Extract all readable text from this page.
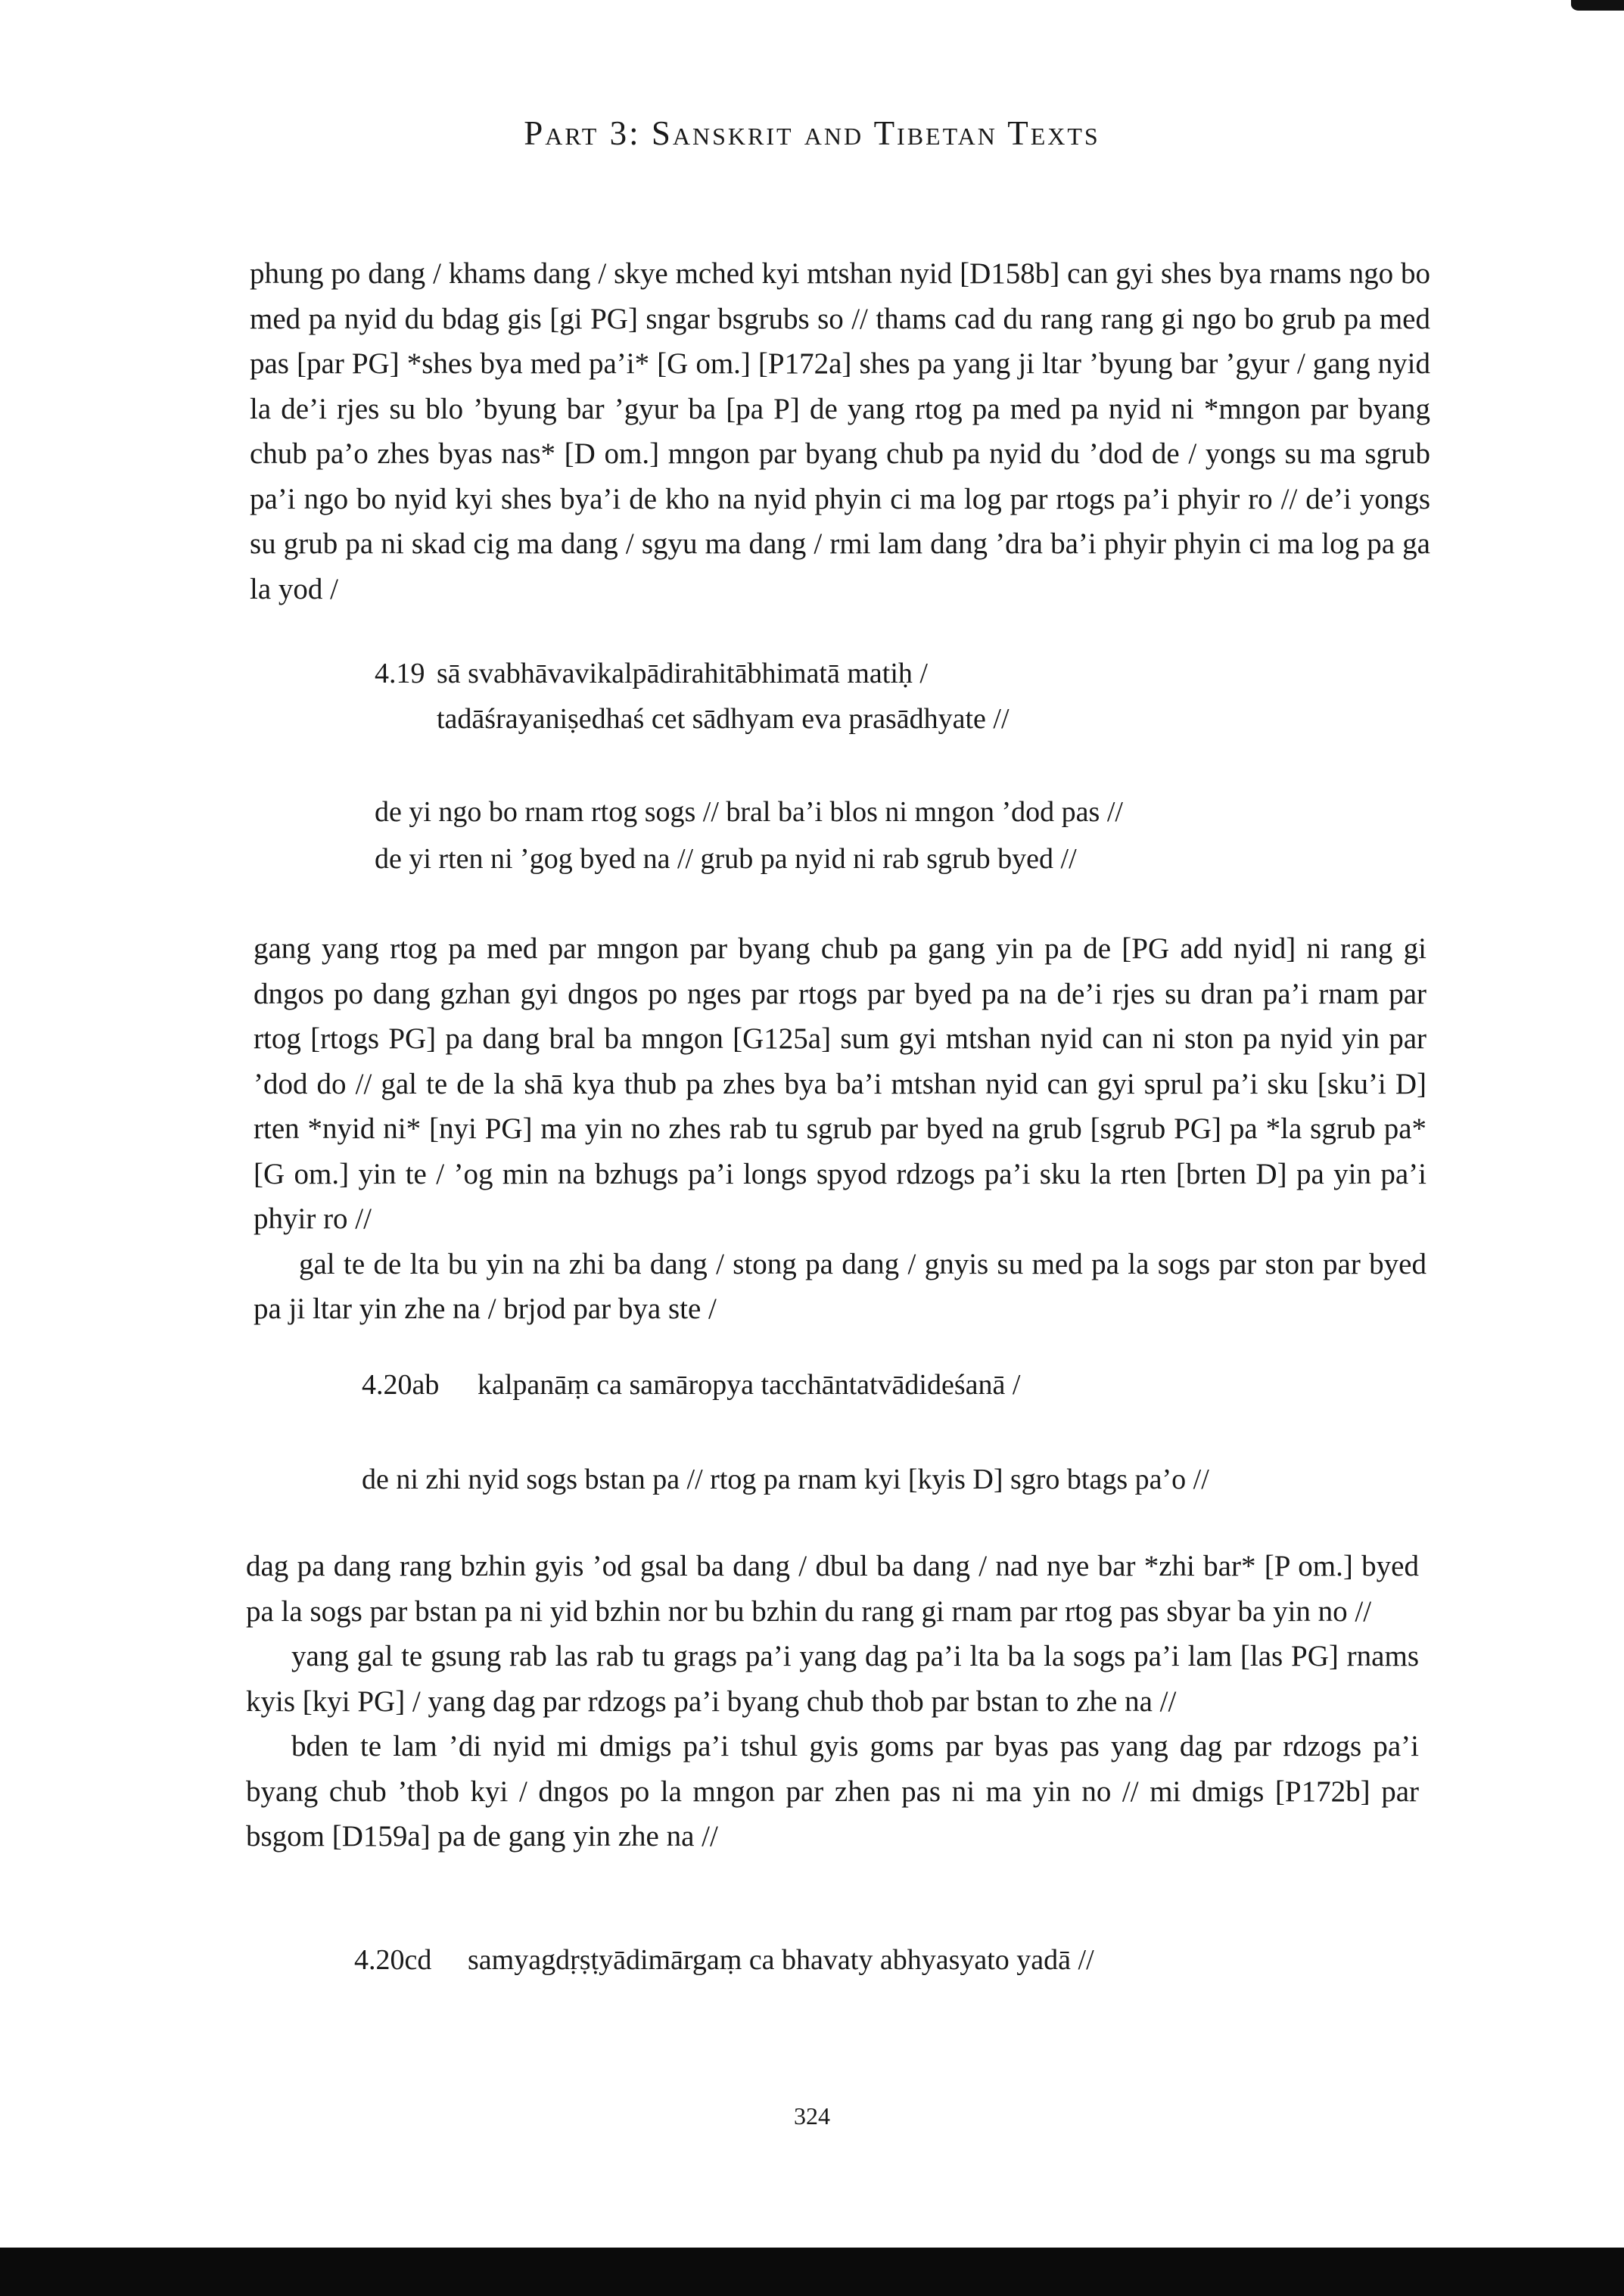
Part 3: Sanskrit and Tibetan Texts

phung po dang / khams dang / skye mched kyi mtshan nyid [D158b] can gyi shes bya rnams ngo bo med pa nyid du bdag gis [gi PG] sngar bsgrubs so // thams cad du rang rang gi ngo bo grub pa med pas [par PG] *shes bya med pa’i* [G om.] [P172a] shes pa yang ji ltar ’byung bar ’gyur / gang nyid la de’i rjes su blo ’byung bar ’gyur ba [pa P] de yang rtog pa med pa nyid ni *mngon par byang chub pa’o zhes byas nas* [D om.] mngon par byang chub pa nyid du ’dod de / yongs su ma sgrub pa’i ngo bo nyid kyi shes bya’i de kho na nyid phyin ci ma log par rtogs pa’i phyir ro // de’i yongs su grub pa ni skad cig ma dang / sgyu ma dang / rmi lam dang ’dra ba’i phyir phyin ci ma log pa ga la yod /

4.19 sā svabhāvavikalpādirahitābhimatā matiḥ /
tadāśrayaniṣedhaś cet sādhyam eva prasādhyate //
de yi ngo bo rnam rtog sogs // bral ba’i blos ni mngon ’dod pas //
de yi rten ni ’gog byed na // grub pa nyid ni rab sgrub byed //

gang yang rtog pa med par mngon par byang chub pa gang yin pa de [PG add nyid] ni rang gi dngos po dang gzhan gyi dngos po nges par rtogs par byed pa na de’i rjes su dran pa’i rnam par rtog [rtogs PG] pa dang bral ba mngon [G125a] sum gyi mtshan nyid can ni ston pa nyid yin par ’dod do // gal te de la shā kya thub pa zhes bya ba’i mtshan nyid can gyi sprul pa’i sku [sku’i D] rten *nyid ni* [nyi PG] ma yin no zhes rab tu sgrub par byed na grub [sgrub PG] pa *la sgrub pa* [G om.] yin te / ’og min na bzhugs pa’i longs spyod rdzogs pa’i sku la rten [brten D] pa yin pa’i phyir ro //

gal te de lta bu yin na zhi ba dang / stong pa dang / gnyis su med pa la sogs par ston par byed pa ji ltar yin zhe na / brjod par bya ste /

4.20ab kalpanāṃ ca samāropya tacchāntatvādideśanā /
de ni zhi nyid sogs bstan pa // rtog pa rnam kyi [kyis D] sgro btags pa’o //

dag pa dang rang bzhin gyis ’od gsal ba dang / dbul ba dang / nad nye bar *zhi bar* [P om.] byed pa la sogs par bstan pa ni yid bzhin nor bu bzhin du rang gi rnam par rtog pas sbyar ba yin no //

yang gal te gsung rab las rab tu grags pa’i yang dag pa’i lta ba la sogs pa’i lam [las PG] rnams kyis [kyi PG] / yang dag par rdzogs pa’i byang chub thob par bstan to zhe na //

bden te lam ’di nyid mi dmigs pa’i tshul gyis goms par byas pas yang dag par rdzogs pa’i byang chub ’thob kyi / dngos po la mngon par zhen pas ni ma yin no // mi dmigs [P172b] par bsgom [D159a] pa de gang yin zhe na //

4.20cd samyagdṛṣṭyādimārgaṃ ca bhavaty abhyasyato yadā //
324
